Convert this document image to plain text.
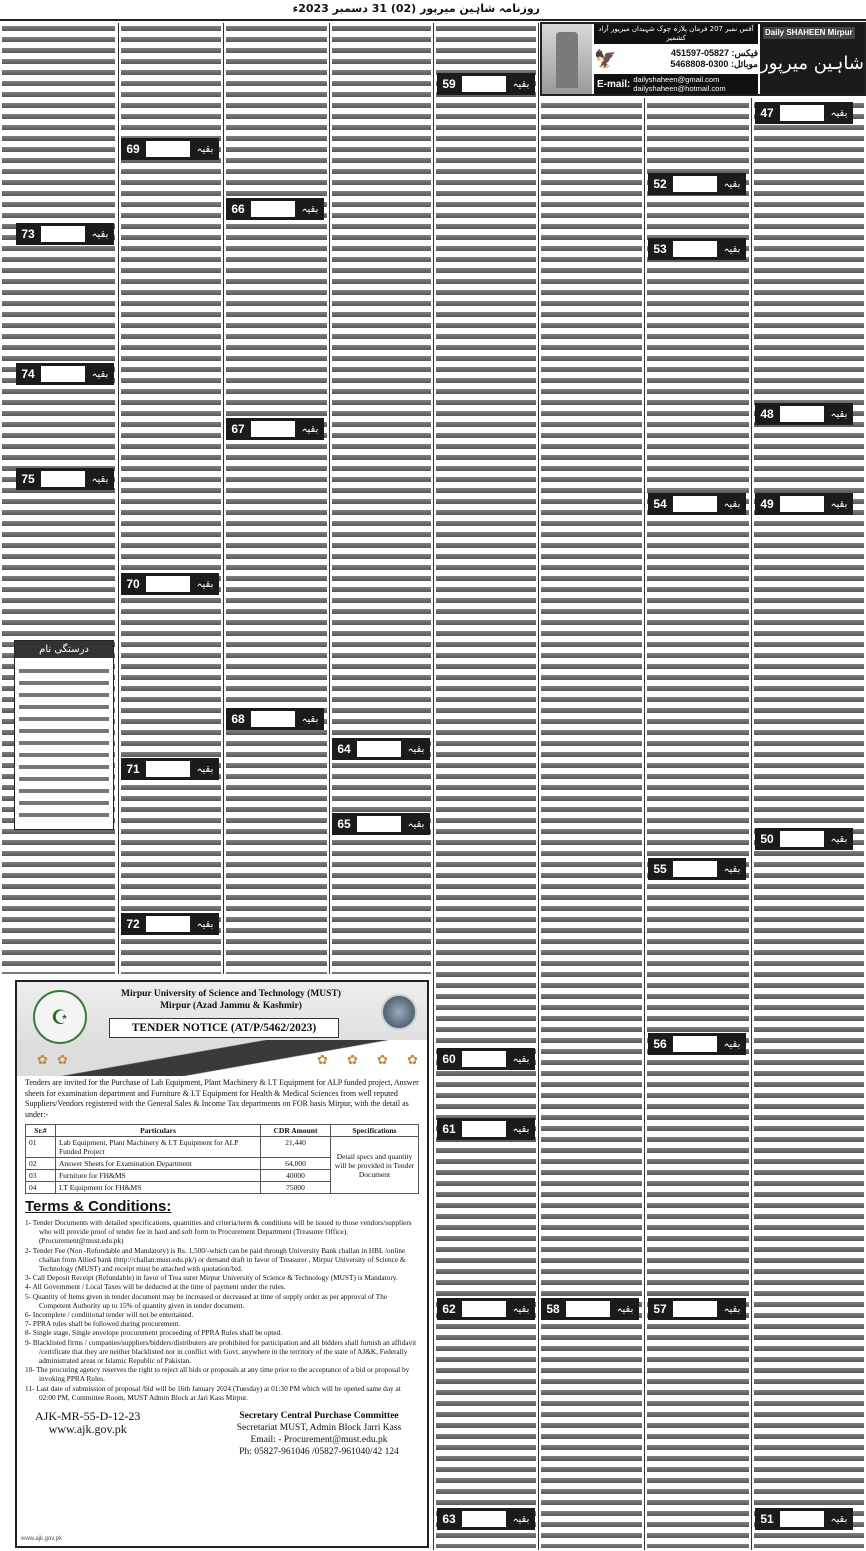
روزنامہ شاہین میرپور (02) 31 دسمبر 2023ء
آفس نمبر 207 فرمان پلازہ چوک شہیداں میرپور آزاد کشمیر
🦅	فیکس: 05827-451597
موبائل: 0300-5468808
E-mail: dailyshaheen@gmail.com
dailyshaheen@hotmail.com
Daily SHAHEEN Mirpur
شاہین میرپور
47	بقیہ
48	بقیہ
49	بقیہ
50	بقیہ
51	بقیہ
52	بقیہ
53	بقیہ
54	بقیہ
55	بقیہ
56	بقیہ
57	بقیہ
58	بقیہ
59	بقیہ
60	بقیہ
61	بقیہ
62	بقیہ
63	بقیہ
64	بقیہ
65	بقیہ
66	بقیہ
67	بقیہ
68	بقیہ
69	بقیہ
70	بقیہ
71	بقیہ
72	بقیہ
73	بقیہ
74	بقیہ
75	بقیہ
درستگی نام
✿ ✿	✿ ✿ ✿ ✿
☪
Mirpur University of Science and Technology (MUST)
Mirpur (Azad Jammu & Kashmir)
TENDER NOTICE (AT/P/5462/2023)
Tenders are invited for the Purchase of Lab Equipment, Plant Machinery & I.T Equipment for ALP funded project, Answer sheets for examination department and Furniture & I.T Equipment for Health & Medical Sciences from well reputed Suppliers/Vendors registered with the General Sales & Income Tax departments on FOR basis Mirpur, with the detail as under:-
Sr.#	Particulars	CDR Amount	Specifications
01	Lab Equipment, Plant Machinery & I.T Equipment for ALP Funded Project	21,440	Detail specs and quantity will be provided in Tender Document
02	Answer Sheets for Examination Department	64,000	
03	Furniture for FH&MS	40000	
04	I.T Equipment for FH&MS	75000	
Terms & Conditions:
1- Tender Documents with detailed specifications, quantities and criteria/term & conditions will be issued to those vendors/suppliers who will provide proof of tender fee in hard and soft form to Procurement Department (Treasurer Office). (Procurement@must.edu.pk)
2- Tender Fee (Non -Refundable and Mandatory) is Rs. 1,500/-which can be paid through University Bank challan in HBL /online challan from Allied bank (http://challan.must.edu.pk/) or demand draft in favor of Treasurer , Mirpur University of Science & Technology (MUST) and receipt must be attached with quotation/bid.
3- Call Deposit Receipt (Refundable) in favor of Trea surer Mirpur University of Science & Technology (MUST) is Mandatory.
4- All Government / Local Taxes will be deducted at the time of payment under the rules.
5- Quantity of Items given in tender document may be increased or decreased at time of supply order as per approval of The Competent Authority up to 15% of quantity given in tender document.
6- Incomplete / conditional tender will not be entertained.
7- PPRA rules shall be followed during procurement.
8- Single stage, Single envelope procurement proceeding of PPRA Rules shall be opted.
9- Blacklisted firms / companies/suppliers/bidders/distributers are prohibited for participation and all bidders shall furnish an affidavit /certificate that they are neither blacklisted nor in conflict with Govt. anywhere in the territory of the state of AJ&K, Federally administrated areas or Islamic Republic of Pakistan.
10- The procuring agency reserves the right to reject all bids or proposals at any time prior to the acceptance of a bid or proposal by invoking PPRA Rules.
11- Last date of submission of proposal /bid will be 16th January 2024 (Tuesday) at 01:30 PM which will be opened same day at 02:00 PM, Committee Room, MUST Admin Block at Jari Kass Mirpur.
AJK-MR-55-D-12-23
www.ajk.gov.pk
Secretary Central Purchase Committee
Secretariat MUST, Admin Block Jarri Kass
Email: - Procurement@must.edu.pk
Ph: 05827-961046 /05827-961040/42 124
www.ajk.gov.pk
